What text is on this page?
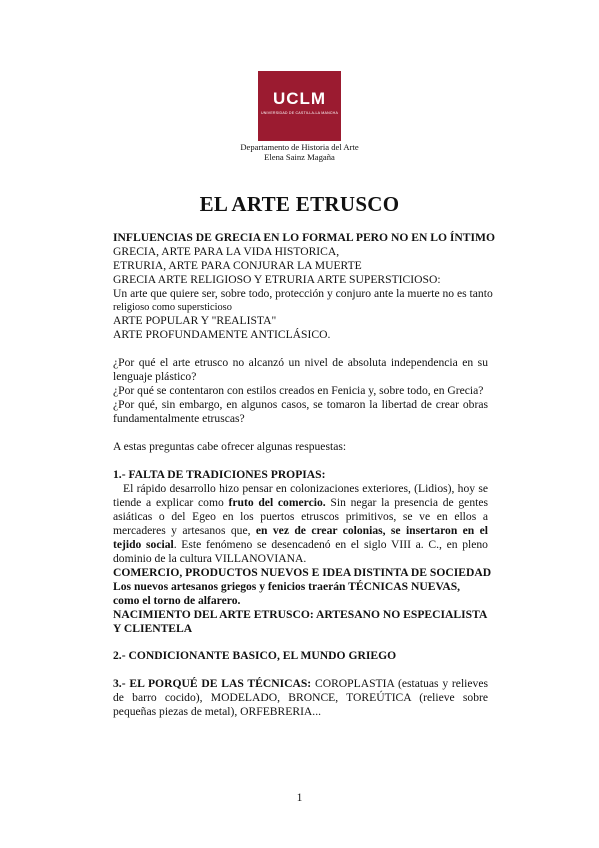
UCLM
UNIVERSIDAD DE CASTILLA-LA MANCHA
Departamento de Historia del Arte
Elena Sainz Magaña
EL ARTE ETRUSCO
INFLUENCIAS DE GRECIA EN LO FORMAL PERO NO EN LO ÍNTIMO
GRECIA, ARTE PARA LA VIDA HISTORICA,
ETRURIA, ARTE PARA CONJURAR LA MUERTE
GRECIA ARTE RELIGIOSO Y ETRURIA ARTE SUPERSTICIOSO:
Un arte que quiere ser, sobre todo, protección y conjuro ante la muerte no es tanto
religioso como supersticioso
ARTE POPULAR Y "REALISTA"
ARTE PROFUNDAMENTE ANTICLÁSICO.
¿Por qué el arte etrusco no alcanzó un nivel de absoluta independencia en su lenguaje plástico?
¿Por qué se contentaron con estilos creados en Fenicia y, sobre todo, en Grecia?
¿Por qué, sin embargo, en algunos casos, se tomaron la libertad de crear obras fundamentalmente etruscas?
A estas preguntas cabe ofrecer algunas respuestas:
1.- FALTA DE TRADICIONES PROPIAS:
El rápido desarrollo hizo pensar en colonizaciones exteriores, (Lidios), hoy se tiende a explicar como fruto del comercio. Sin negar la presencia de gentes asiáticas o del Egeo en los puertos etruscos primitivos, se ve en ellos a mercaderes y artesanos que, en vez de crear colonias, se insertaron en el tejido social. Este fenómeno se desencadenó en el siglo VIII a. C., en pleno dominio de la cultura VILLANOVIANA.
COMERCIO, PRODUCTOS NUEVOS E IDEA DISTINTA DE SOCIEDAD
Los nuevos artesanos griegos y fenicios traerán TÉCNICAS NUEVAS, como el torno de alfarero.
NACIMIENTO DEL ARTE ETRUSCO: ARTESANO NO ESPECIALISTA Y CLIENTELA
2.- CONDICIONANTE BASICO, EL MUNDO GRIEGO
3.- EL PORQUÉ DE LAS TÉCNICAS: COROPLASTIA (estatuas y relieves de barro cocido), MODELADO, BRONCE, TOREÚTICA (relieve sobre pequeñas piezas de metal), ORFEBRERIA...
1
